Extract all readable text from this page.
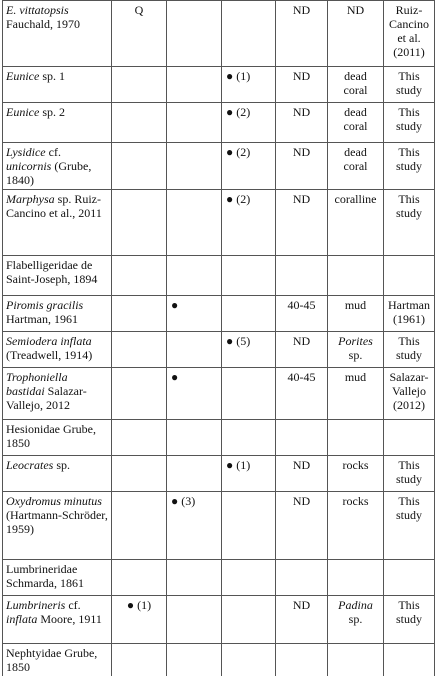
E. vittatopsis Fauchald, 1970	Q				ND	ND	Ruiz-Cancino et al. (2011)
Eunice sp. 1			● (1)		ND	dead coral	This study
Eunice sp. 2			● (2)		ND	dead coral	This study
Lysidice cf. unicornis (Grube, 1840)			● (2)		ND	dead coral	This study
Marphysa sp. Ruiz-Cancino et al., 2011			● (2)		ND	coralline	This study
Flabelligeridae de Saint-Joseph, 1894							
Piromis gracilis Hartman, 1961		●			40-45	mud	Hartman (1961)
Semiodera inflata (Treadwell, 1914)			● (5)		ND	Porites sp.	This study
Trophoniella bastidai Salazar-Vallejo, 2012		●			40-45	mud	Salazar-Vallejo (2012)
Hesionidae Grube, 1850							
Leocrates sp.			● (1)		ND	rocks	This study
Oxydromus minutus (Hartmann-Schröder, 1959)		● (3)			ND	rocks	This study
Lumbrineridae Schmarda, 1861							
Lumbrineris cf. inflata Moore, 1911	● (1)				ND	Padina sp.	This study
Nephtyidae Grube, 1850							
